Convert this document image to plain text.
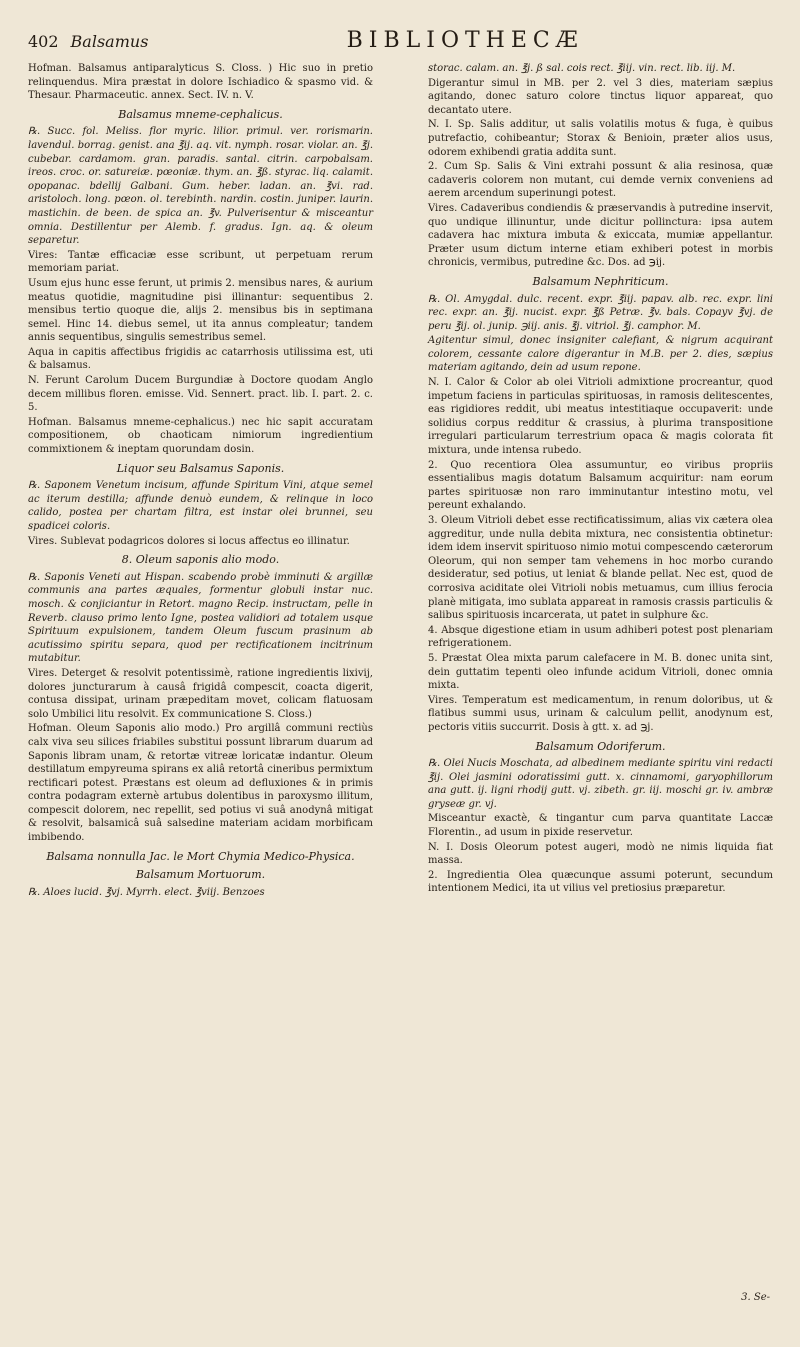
402 Balsamus	BIBLIOTHECÆ

Hofman. Balsamus antiparalyticus S. Closs. ) Hic suo in pretio relinquendus. Mira præstat in dolore Ischiadico & spasmo vid. & Thesaur. Pharmaceutic. annex. Sect. IV. n. V.

Balsamus mneme-cephalicus.

℞. Succ. fol. Meliss. flor myric. lilior. primul. ver. rorismarin. lavendul. borrag. genist. ana ℥ij. aq. vit. nymph. rosar. violar. an. ℥j. cubebar. cardamom. gran. paradis. santal. citrin. carpobalsam. ireos. croc. or. satureiæ. pœoniæ. thym. an. ℥ß. styrac. liq. calamit. opopanac. bdellij Galbani. Gum. heber. ladan. an. ℥vi. rad. aristoloch. long. pœon. ol. terebinth. nardin. costin. juniper. laurin. mastichin. de been. de spica an. ℥v. Pulverisentur & misceantur omnia. Destillentur per Alemb. f. gradus. Ign. aq. & oleum separetur.

Vires: Tantæ efficaciæ esse scribunt, ut perpetuam rerum memoriam pariat.

Usum ejus hunc esse ferunt, ut primis 2. mensibus nares, & aurium meatus quotidie, magnitudine pisi illinantur: sequentibus 2. mensibus tertio quoque die, alijs 2. mensibus bis in septimana semel. Hinc 14. diebus semel, ut ita annus compleatur; tandem annis sequentibus, singulis semestribus semel.

Aqua in capitis affectibus frigidis ac catarrhosis utilissima est, uti & balsamus.

N. Ferunt Carolum Ducem Burgundiæ à Doctore quodam Anglo decem millibus floren. emisse. Vid. Sennert. pract. lib. I. part. 2. c. 5.

Hofman. Balsamus mneme-cephalicus.) nec hic sapit accuratam compositionem, ob chaoticam nimiorum ingredientium commixtionem & ineptam quorundam dosin.

Liquor seu Balsamus Saponis.

℞. Saponem Venetum incisum, affunde Spiritum Vini, atque semel ac iterum destilla; affunde denuò eundem, & relinque in loco calido, postea per chartam filtra, est instar olei brunnei, seu spadicei coloris.

Vires. Sublevat podagricos dolores si locus affectus eo illinatur.

8. Oleum saponis alio modo.

℞. Saponis Veneti aut Hispan. scabendo probè imminuti & argillæ communis ana partes æquales, formentur globuli instar nuc. mosch. & conjiciantur in Retort. magno Recip. instructam, pelle in Reverb. clauso primo lento Igne, postea validiori ad totalem usque Spirituum expulsionem, tandem Oleum fuscum prasinum ab acutissimo spiritu separa, quod per rectificationem incitrinum mutabitur.

Vires. Deterget & resolvit potentissimè, ratione ingredientis lixivij, dolores juncturarum à causâ frigidâ compescit, coacta digerit, contusa dissipat, urinam præpeditam movet, colicam flatuosam solo Umbilici litu resolvit. Ex communicatione S. Closs.)

Hofman. Oleum Saponis alio modo.) Pro argillâ communi rectiùs calx viva seu silices friabiles substitui possunt librarum duarum ad Saponis libram unam, & retortæ vitreæ loricatæ indantur. Oleum destillatum empyreuma spirans ex aliâ retortâ cineribus permixtum rectificari potest. Præstans est oleum ad defluxiones & in primis contra podagram externè artubus dolentibus in paroxysmo illitum, compescit dolorem, nec repellit, sed potius vi suâ anodynâ mitigat & resolvit, balsamicâ suâ salsedine materiam acidam morbificam imbibendo.

Balsama nonnulla Jac. le Mort Chymia Medico-Physica.

Balsamum Mortuorum.

℞. Aloes lucid. ℥vj. Myrrh. elect. ℥viij. Benzoes

storac. calam. an. ℥j. ß sal. cois rect. ℥iij. vin. rect. lib. iij. M.

Digerantur simul in MB. per 2. vel 3 dies, materiam sæpius agitando, donec saturo colore tinctus liquor appareat, quo decantato utere.

N. I. Sp. Salis additur, ut salis volatilis motus & fuga, è quibus putrefactio, cohibeantur; Storax & Benioin, præter alios usus, odorem exhibendi gratia addita sunt.

2. Cum Sp. Salis & Vini extrahi possunt & alia resinosa, quæ cadaveris colorem non mutant, cui demde vernix conveniens ad aerem arcendum superinungi potest.

Vires. Cadaveribus condiendis & præservandis à putredine inservit, quo undique illinuntur, unde dicitur pollinctura: ipsa autem cadavera hac mixtura imbuta & exiccata, mumiæ appellantur. Præter usum dictum interne etiam exhiberi potest in morbis chronicis, vermibus, putredine &c. Dos. ad ℈ij.

Balsamum Nephriticum.

℞. Ol. Amygdal. dulc. recent. expr. ℥iij. papav. alb. rec. expr. lini rec. expr. an. ℥ij. nucist. expr. ℥ß Petræ. ℥v. bals. Copayv ℥vj. de peru ℥ij. ol. junip. ℈iij. anis. ℥j. vitriol. ℥j. camphor. M.

Agitentur simul, donec insigniter calefiant, & nigrum acquirant colorem, cessante calore digerantur in M.B. per 2. dies, sæpius materiam agitando, dein ad usum repone.

N. I. Calor & Color ab olei Vitrioli admixtione procreantur, quod impetum faciens in particulas spirituosas, in ramosis delitescentes, eas rigidiores reddit, ubi meatus intestitiaque occupaverit: unde solidius corpus redditur & crassius, à plurima transpositione irregulari particularum terrestrium opaca & magis colorata fit mixtura, unde intensa rubedo.

2. Quo recentiora Olea assumuntur, eo viribus propriis essentialibus magis dotatum Balsamum acquiritur: nam eorum partes spirituosæ non raro imminutantur intestino motu, vel pereunt exhalando.

3. Oleum Vitrioli debet esse rectificatissimum, alias vix cætera olea aggreditur, unde nulla debita mixtura, nec consistentia obtinetur: idem idem inservit spirituoso nimio motui compescendo cæterorum Oleorum, qui non semper tam vehemens in hoc morbo curando desideratur, sed potius, ut leniat & blande pellat. Nec est, quod de corrosiva aciditate olei Vitrioli nobis metuamus, cum illius ferocia planè mitigata, imo sublata appareat in ramosis crassis particulis & salibus spirituosis incarcerata, ut patet in sulphure &c.

4. Absque digestione etiam in usum adhiberi potest post plenariam refrigerationem.

5. Præstat Olea mixta parum calefacere in M. B. donec unita sint, dein guttatim tepenti oleo infunde acidum Vitrioli, donec omnia mixta.

Vires. Temperatum est medicamentum, in renum doloribus, ut & flatibus summi usus, urinam & calculum pellit, anodynum est, pectoris vitiis succurrit. Dosis à gtt. x. ad ℈j.

Balsamum Odoriferum.

℞. Olei Nucis Moschata, ad albedinem mediante spiritu vini redacti ℥ij. Olei jasmini odoratissimi gutt. x. cinnamomi, garyophillorum ana gutt. ij. ligni rhodij gutt. vj. zibeth. gr. iij. moschi gr. iv. ambræ gryseæ gr. vj.

Misceantur exactè, & tingantur cum parva quantitate Laccæ Florentin., ad usum in pixide reservetur.

N. I. Dosis Oleorum potest augeri, modò ne nimis liquida fiat massa.

2. Ingredientia Olea quæcunque assumi poterunt, secundum intentionem Medici, ita ut vilius vel pretiosius præparetur.

3. Se-
